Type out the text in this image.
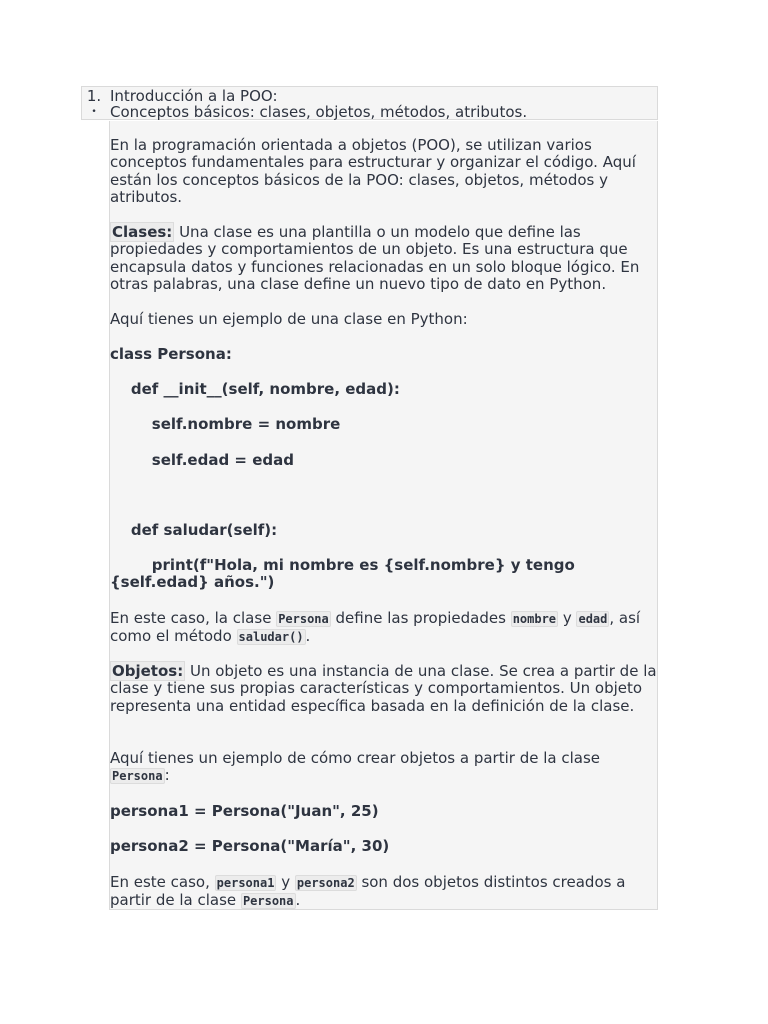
1. Introducción a la POO:
• Conceptos básicos: clases, objetos, métodos, atributos.

En la programación orientada a objetos (POO), se utilizan varios conceptos fundamentales para estructurar y organizar el código. Aquí están los conceptos básicos de la POO: clases, objetos, métodos y atributos.

Clases: Una clase es una plantilla o un modelo que define las propiedades y comportamientos de un objeto. Es una estructura que encapsula datos y funciones relacionadas en un solo bloque lógico. En otras palabras, una clase define un nuevo tipo de dato en Python.

Aquí tienes un ejemplo de una clase en Python:

class Persona:
def __init__(self, nombre, edad):
self.nombre = nombre
self.edad = edad
def saludar(self):
print(f"Hola, mi nombre es {self.nombre} y tengo
{self.edad} años.")

En este caso, la clase Persona define las propiedades nombre y edad , así como el método saludar() .

Objetos: Un objeto es una instancia de una clase. Se crea a partir de la clase y tiene sus propias características y comportamientos. Un objeto representa una entidad específica basada en la definición de la clase.

Aquí tienes un ejemplo de cómo crear objetos a partir de la clase Persona :

persona1 = Persona("Juan", 25)
persona2 = Persona("María", 30)

En este caso, persona1 y persona2 son dos objetos distintos creados a partir de la clase Persona .
